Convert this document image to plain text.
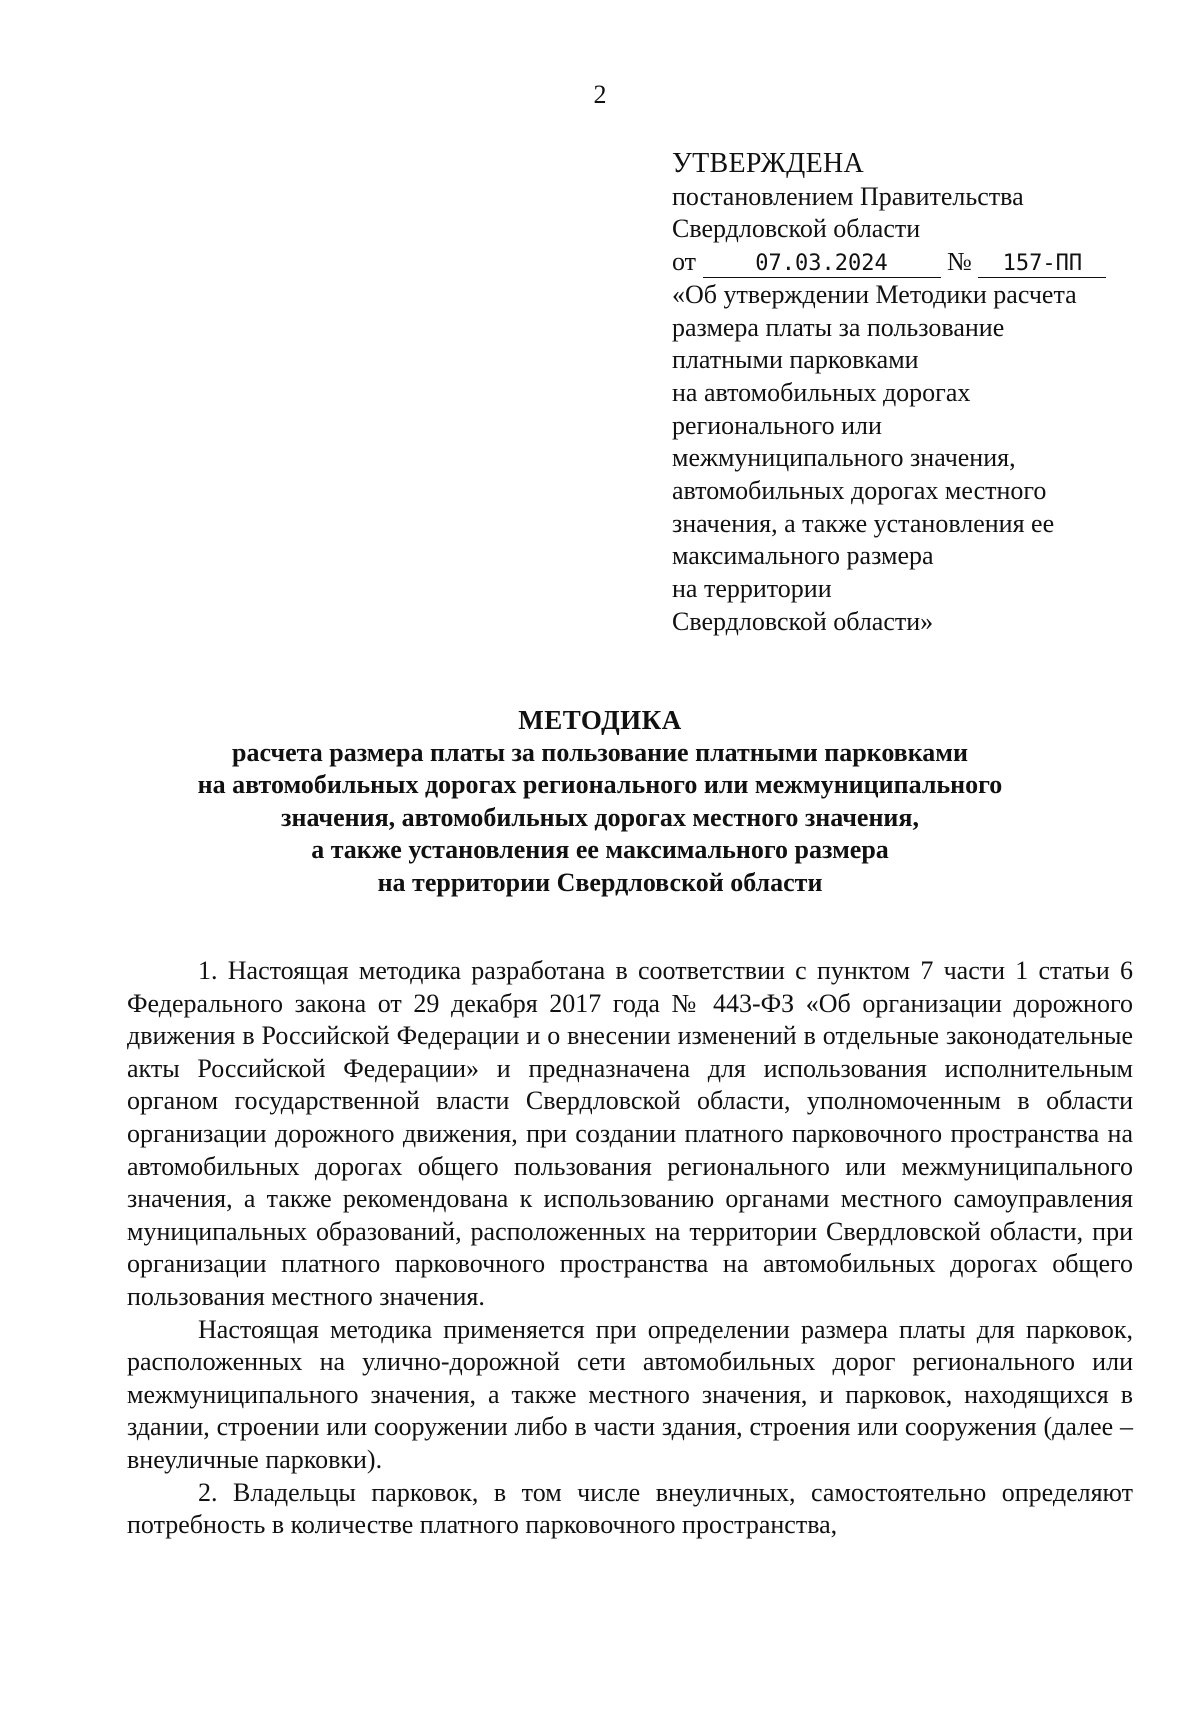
2
УТВЕРЖДЕНА
постановлением Правительства
Свердловской области
от	07.03.2024 № 157-ПП
«Об утверждении Методики расчета
размера платы за пользование
платными парковками
на автомобильных дорогах
регионального или
межмуниципального значения,
автомобильных дорогах местного
значения, а также установления ее
максимального размера
на территории
Свердловской области»
МЕТОДИКА
расчета размера платы за пользование платными парковками
на автомобильных дорогах регионального или межмуниципального
значения, автомобильных дорогах местного значения,
а также установления ее максимального размера
на территории Свердловской области

1. Настоящая методика разработана в соответствии с пунктом 7 части 1 статьи 6 Федерального закона от 29 декабря 2017 года № 443-ФЗ «Об организации дорожного движения в Российской Федерации и о внесении изменений в отдельные законодательные акты Российской Федерации» и предназначена для использования исполнительным органом государственной власти Свердловской области, уполномоченным в области организации дорожного движения, при создании платного парковочного пространства на автомобильных дорогах общего пользования регионального или межмуниципального значения, а также рекомендована к использованию органами местного самоуправления муниципальных образований, расположенных на территории Свердловской области, при организации платного парковочного пространства на автомобильных дорогах общего пользования местного значения.

Настоящая методика применяется при определении размера платы для парковок, расположенных на улично-дорожной сети автомобильных дорог регионального или межмуниципального значения, а также местного значения, и парковок, находящихся в здании, строении или сооружении либо в части здания, строения или сооружения (далее – внеуличные парковки).

2. Владельцы парковок, в том числе внеуличных, самостоятельно определяют потребность в количестве платного парковочного пространства,
